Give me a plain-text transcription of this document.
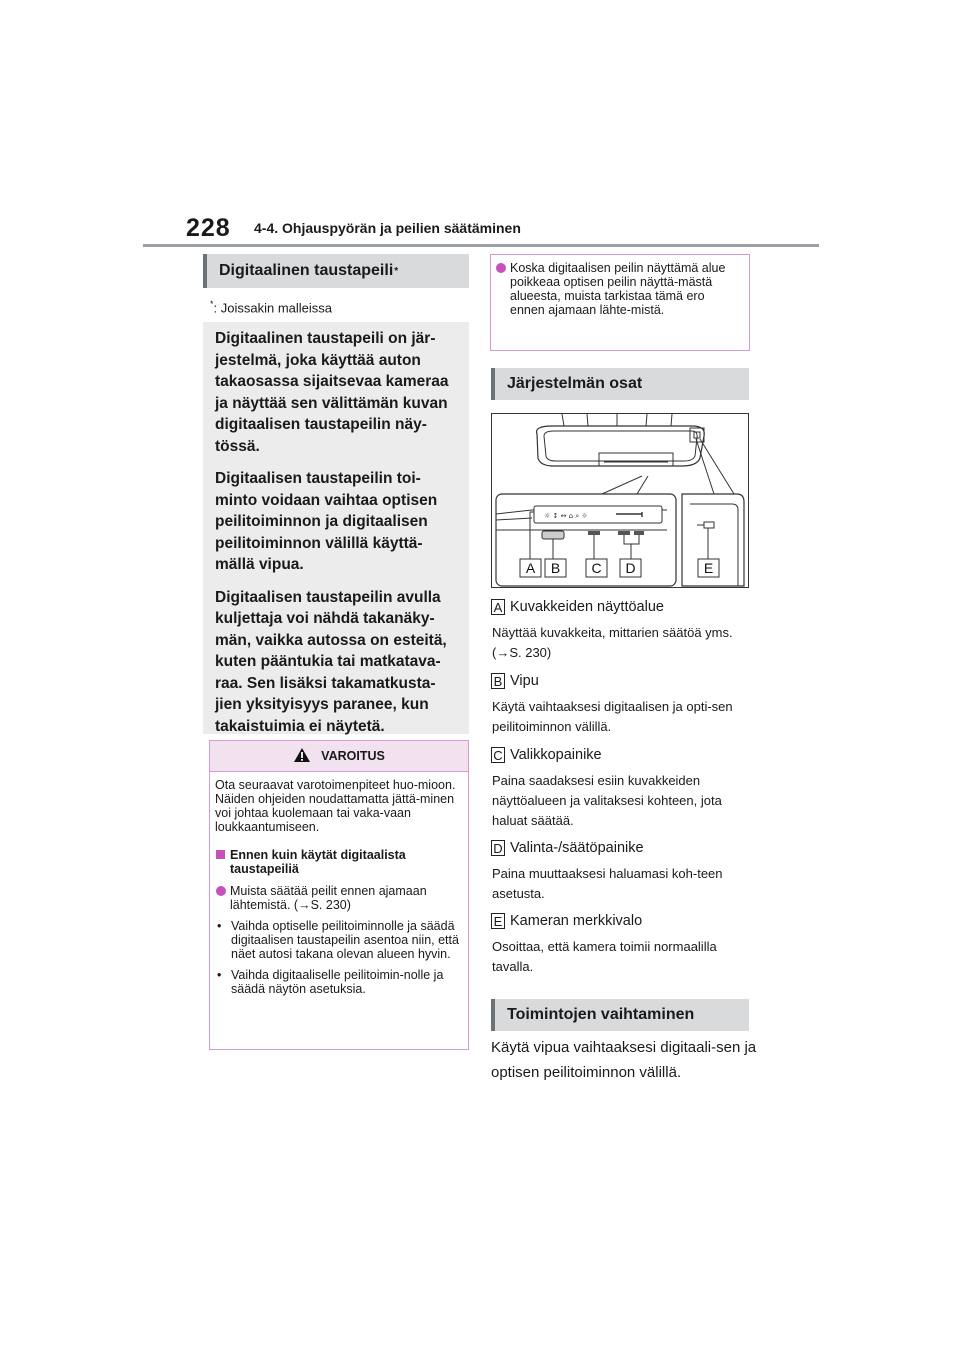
228 4-4. Ohjauspyörän ja peilien säätäminen
Digitaalinen taustapeili *
*: Joissakin malleissa

Digitaalinen taustapeili on jär-jestelmä, joka käyttää auton takaosassa sijaitsevaa kameraa ja näyttää sen välittämän kuvan digitaalisen taustapeilin näy-tössä.

Digitaalisen taustapeilin toi-minto voidaan vaihtaa optisen peilitoiminnon ja digitaalisen peilitoiminnon välillä käyttä-mällä vipua.

Digitaalisen taustapeilin avulla kuljettaja voi nähdä takanäky-män, vaikka autossa on esteitä, kuten pääntukia tai matkatava-raa. Sen lisäksi takamatkusta-jien yksityisyys paranee, kun takaistuimia ei näytetä.

VAROITUS

Ota seuraavat varotoimenpiteet huo-mioon.
Näiden ohjeiden noudattamatta jättä-minen voi johtaa kuolemaan tai vaka-vaan loukkaantumiseen.

Ennen kuin käytät digitaalista taustapeiliä
Muista säätää peilit ennen ajamaan lähtemistä. (→S. 230)
• Vaihda optiselle peilitoiminnolle ja säädä digitaalisen taustapeilin asentoa niin, että näet autosi takana olevan alueen hyvin.
• Vaihda digitaaliselle peilitoimin-nolle ja säädä näytön asetuksia.
Koska digitaalisen peilin näyttämä alue poikkeaa optisen peilin näyttä-mästä alueesta, muista tarkistaa tämä ero ennen ajamaan lähte-mistä.
Järjestelmän osat
☼ ↕ ↔ ⌂ ⌕ ☼
A B C D	E
A Kuvakkeiden näyttöalue
Näyttää kuvakkeita, mittarien säätöä yms. (→S. 230)
B Vipu
Käytä vaihtaaksesi digitaalisen ja opti-sen peilitoiminnon välillä.
C Valikkopainike
Paina saadaksesi esiin kuvakkeiden näyttöalueen ja valitaksesi kohteen, jota haluat säätää.
D Valinta-/säätöpainike
Paina muuttaaksesi haluamasi koh-teen asetusta.
E Kameran merkkivalo
Osoittaa, että kamera toimii normaalilla tavalla.
Toimintojen vaihtaminen
Käytä vipua vaihtaaksesi digitaali-sen ja optisen peilitoiminnon välillä.
